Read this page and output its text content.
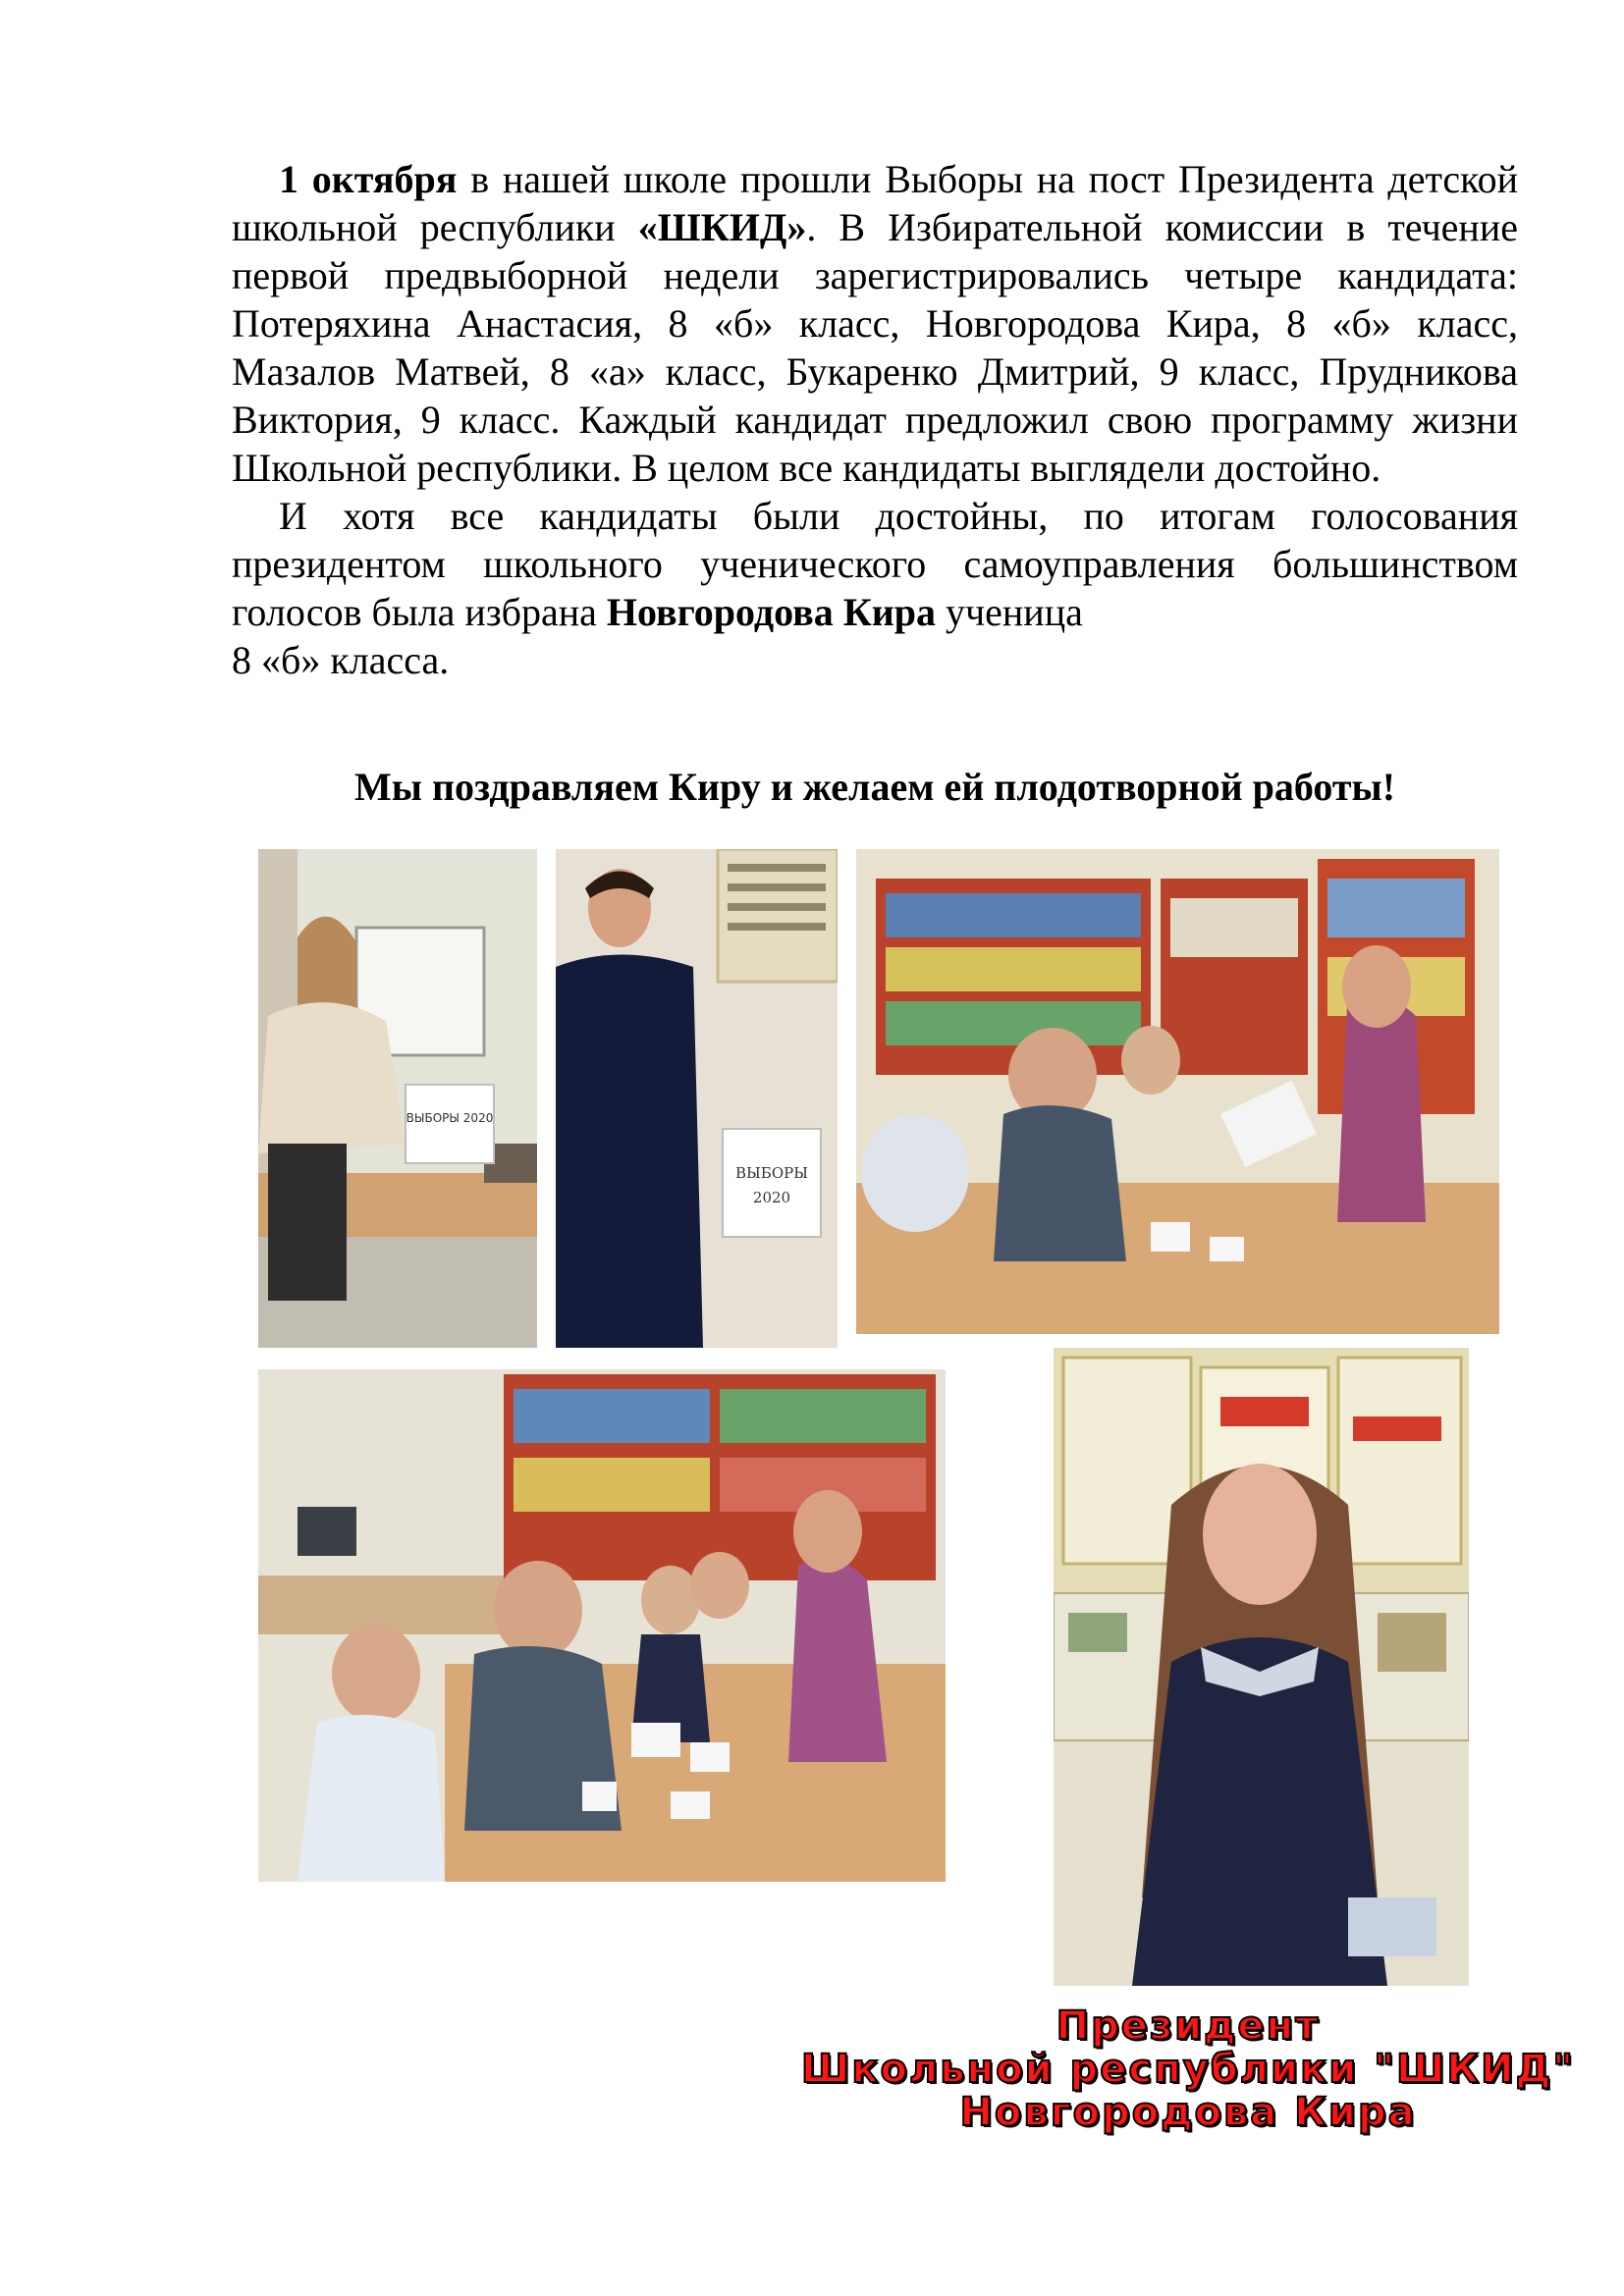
1 октября в нашей школе прошли Выборы на пост Президента детской школьной республики «ШКИД». В Избирательной комиссии в течение первой предвыборной недели зарегистрировались четыре кандидата: Потеряхина Анастасия, 8 «б» класс, Новгородова Кира, 8 «б» класс, Мазалов Матвей, 8 «а» класс, Букаренко Дмитрий, 9 класс, Прудникова Виктория, 9 класс. Каждый кандидат предложил свою программу жизни Школьной республики. В целом все кандидаты выглядели достойно.

И хотя все кандидаты были достойны, по итогам голосования президентом школьного ученического самоуправления большинством голосов была избрана Новгородова Кира ученица
8 «б» класса.

Мы поздравляем Киру и желаем ей плодотворной работы!
ВЫБОРЫ 2020
ВЫБОРЫ
2020
Президент
Школьной республики "ШКИД"
Новгородова Кира
